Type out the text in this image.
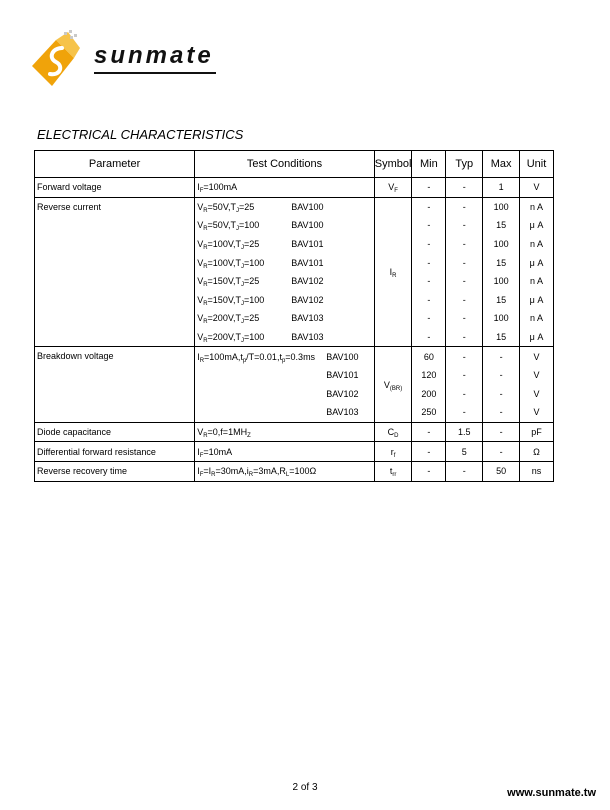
sunmate
ELECTRICAL CHARACTERISTICS
Parameter	Test Conditions	Symbol	Min	Typ	Max	Unit
Forward voltage	$I_F=100mA$	$V_F$	-	-	1	V
Reverse current	$V_R=50V,T_J=25$ BAV100	$I_R$	-	-	100	n A
	$V_R=50V,T_J=100$ BAV100		-	-	15	μ A
	$V_R=100V,T_J=25$ BAV101		-	-	100	n A
	$V_R=100V,T_J=100$ BAV101		-	-	15	μ A
	$V_R=150V,T_J=25$ BAV102		-	-	100	n A
	$V_R=150V,T_J=100$ BAV102		-	-	15	μ A
	$V_R=200V,T_J=25$ BAV103		-	-	100	n A
	$V_R=200V,T_J=100$ BAV103		-	-	15	μ A
Breakdown voltage	$I_R=100mA,t_p/T=0.01,t_p=0.3ms$ BAV100	$V_{(BR)}$	60	-	-	V

	BAV101		120	-	-	V

	BAV102		200	-	-	V

	BAV103		250	-	-	V
Diode capacitance	$V_R=0,f=1MH_Z$	$C_D$	-	1.5	-	pF
Differential forward resistance	$I_F=10mA$	$r_f$	-	5	-	Ω
Reverse recovery time	$I_F=I_R=30mA,i_R=3mA,R_L=100\Omega$	$t_{rr}$	-	-	50	ns
2 of 3	www.sunmate.tw
